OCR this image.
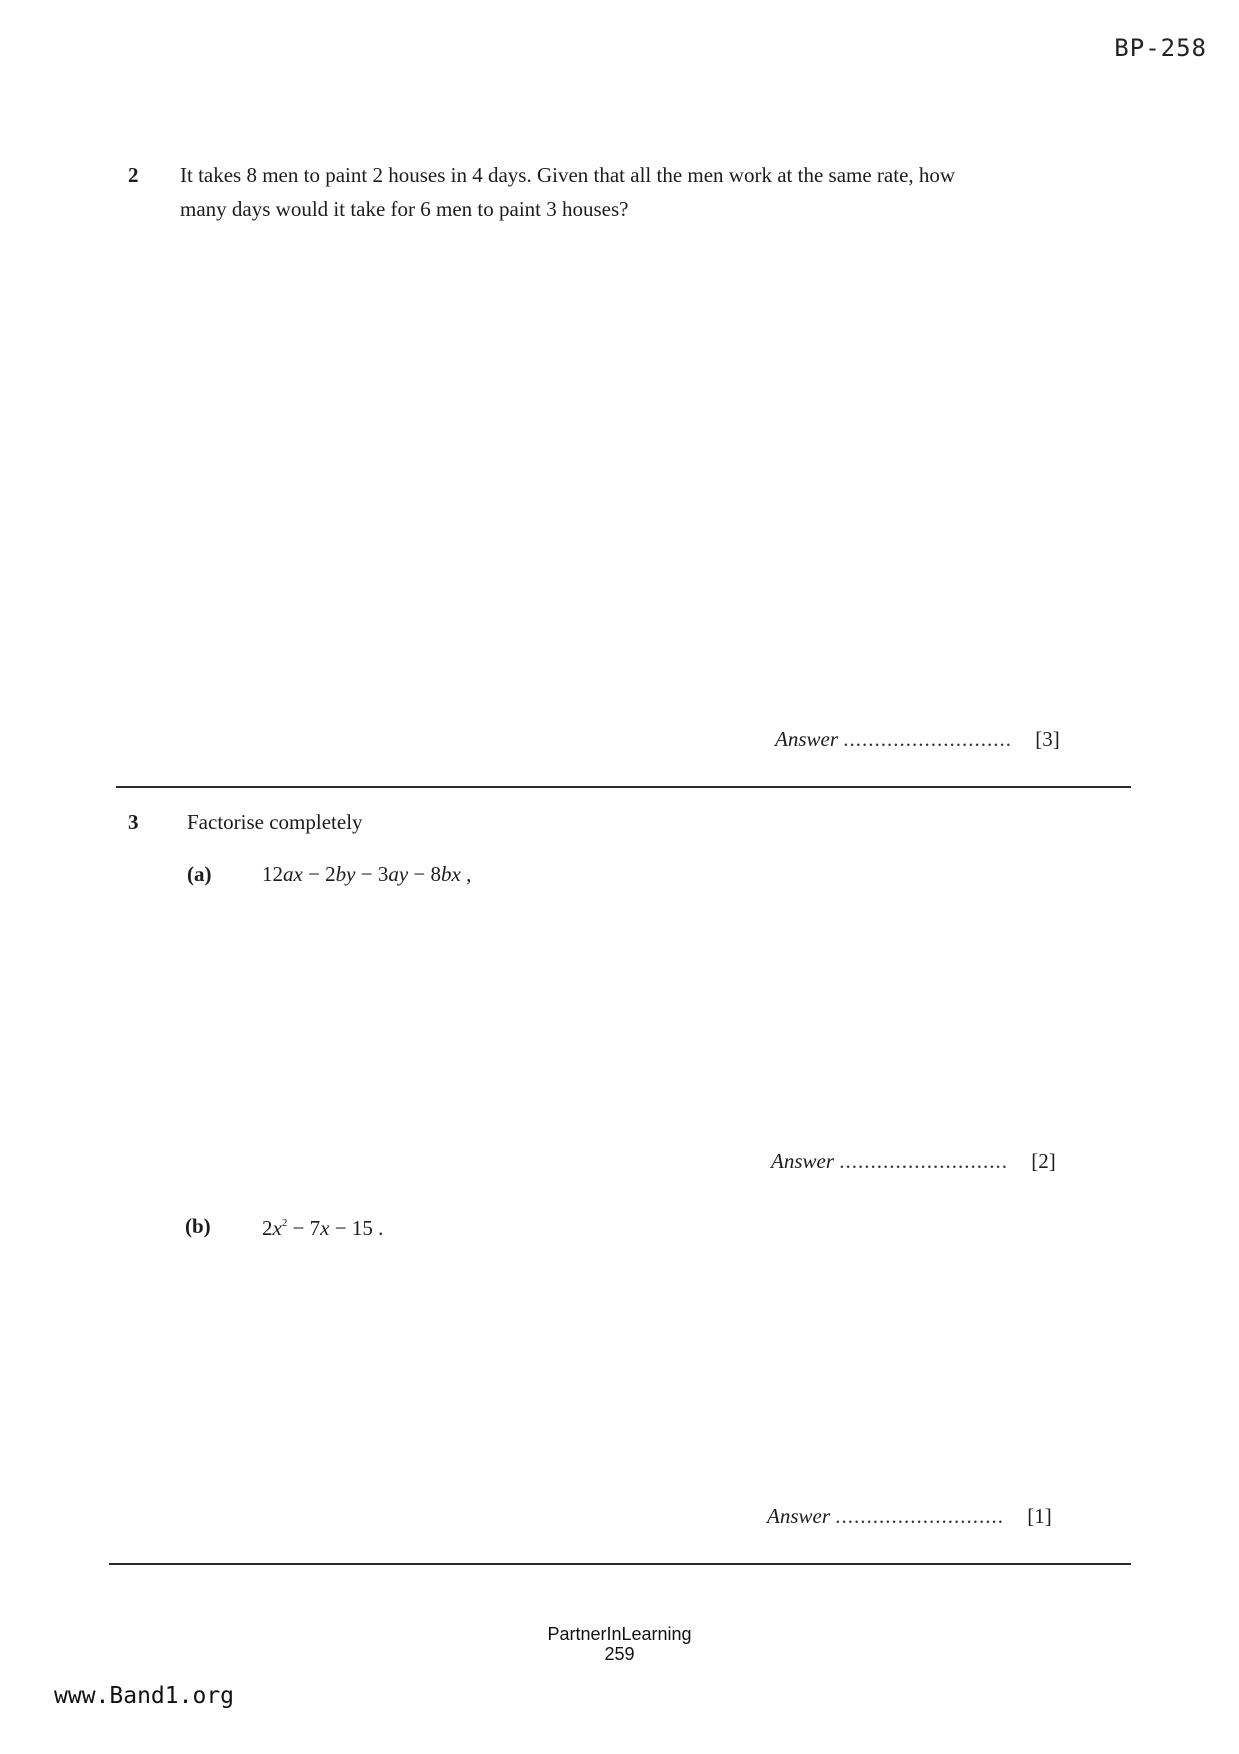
BP-258
2 It takes 8 men to paint 2 houses in 4 days. Given that all the men work at the same rate, how
many days would it take for 6 men to paint 3 houses?
Answer ........................... [3]
3 Factorise completely
(a) 12ax − 2by − 3ay − 8bx ,
Answer ........................... [2]
(b) $2x^2 - 7x - 15$ .
Answer ........................... [1]
PartnerInLearning
259
www.Band1.org
